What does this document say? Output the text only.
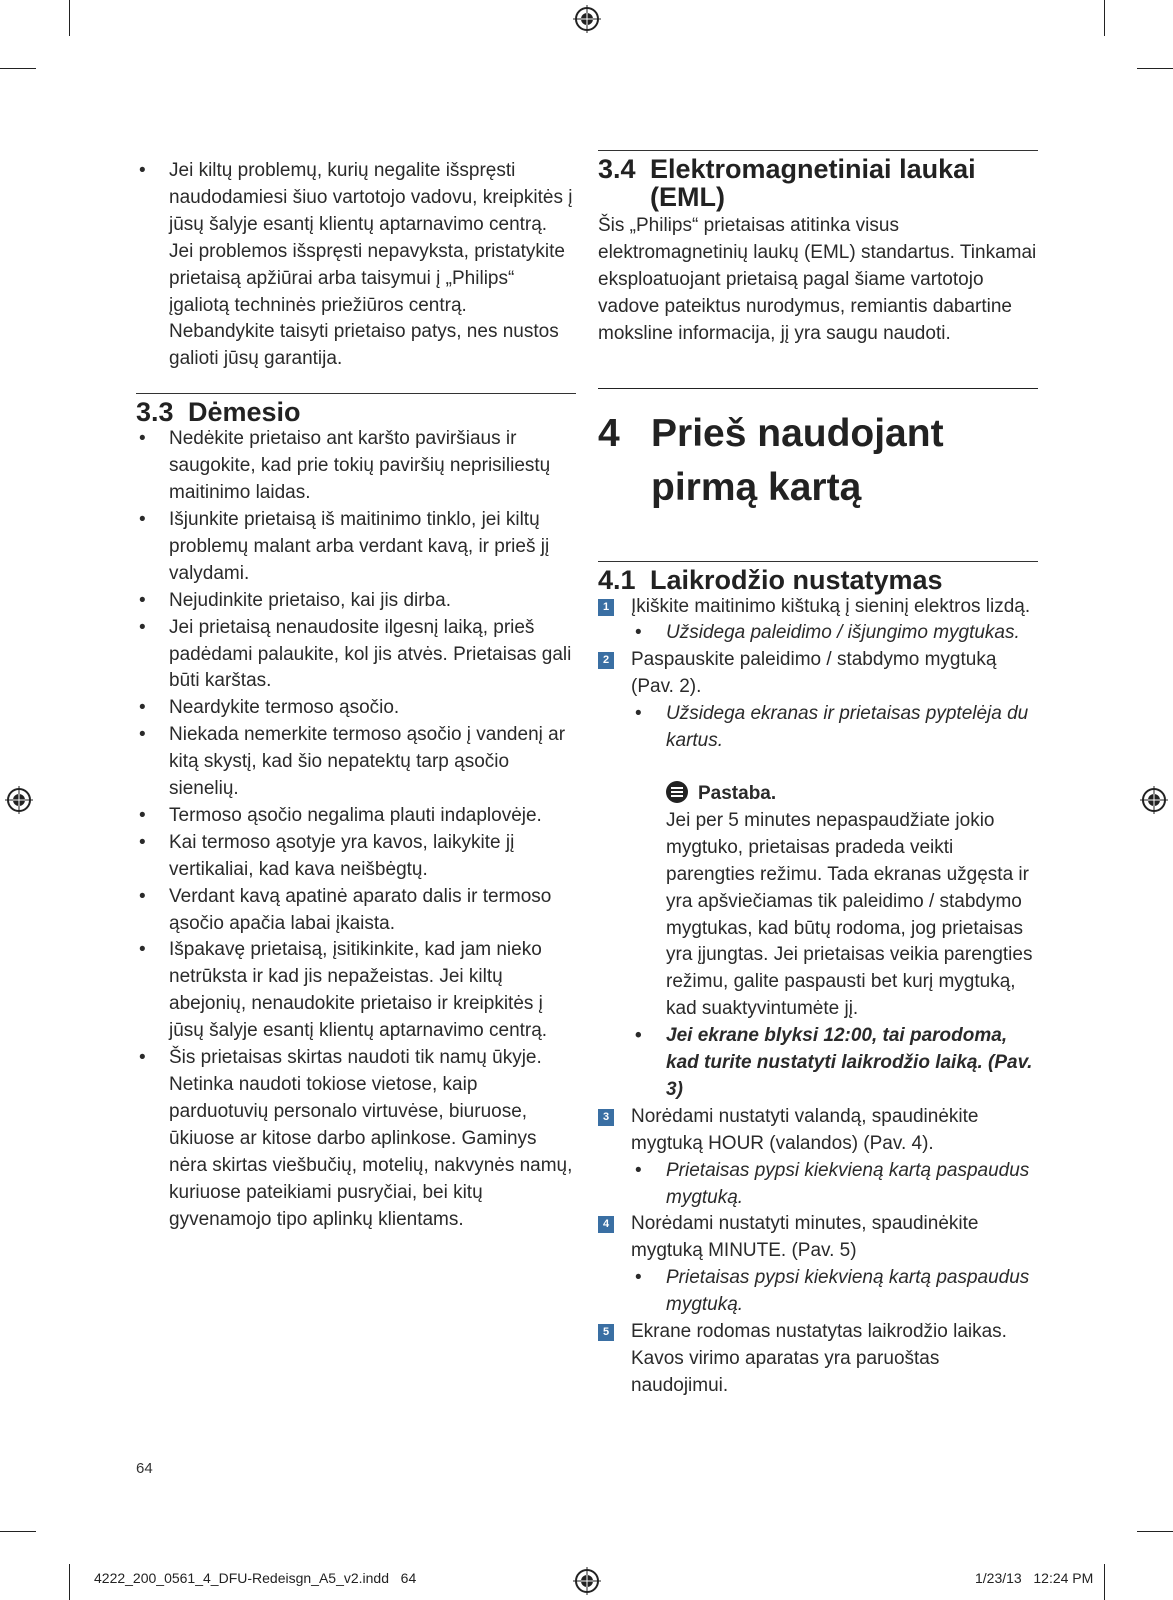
• Jei kiltų problemų, kurių negalite išspręsti naudodamiesi šiuo vartotojo vadovu, kreipkitės į jūsų šalyje esantį klientų aptarnavimo centrą. Jei problemos išspręsti nepavyksta, pristatykite prietaisą apžiūrai arba taisymui į „Philips“ įgaliotą techninės priežiūros centrą. Nebandykite taisyti prietaiso patys, nes nustos galioti jūsų garantija.
3.3 Dėmesio
• Nedėkite prietaiso ant karšto paviršiaus ir saugokite, kad prie tokių paviršių neprisiliestų maitinimo laidas.
• Išjunkite prietaisą iš maitinimo tinklo, jei kiltų problemų malant arba verdant kavą, ir prieš jį valydami.
• Nejudinkite prietaiso, kai jis dirba.
• Jei prietaisą nenaudosite ilgesnį laiką, prieš padėdami palaukite, kol jis atvės. Prietaisas gali būti karštas.
• Neardykite termoso ąsočio.
• Niekada nemerkite termoso ąsočio į vandenį ar kitą skystį, kad šio nepatektų tarp ąsočio sienelių.
• Termoso ąsočio negalima plauti indaplovėje.
• Kai termoso ąsotyje yra kavos, laikykite jį vertikaliai, kad kava neišbėgtų.
• Verdant kavą apatinė aparato dalis ir termoso ąsočio apačia labai įkaista.
• Išpakavę prietaisą, įsitikinkite, kad jam nieko netrūksta ir kad jis nepažeistas. Jei kiltų abejonių, nenaudokite prietaiso ir kreipkitės į jūsų šalyje esantį klientų aptarnavimo centrą.
• Šis prietaisas skirtas naudoti tik namų ūkyje. Netinka naudoti tokiose vietose, kaip parduotuvių personalo virtuvėse, biuruose, ūkiuose ar kitose darbo aplinkose. Gaminys nėra skirtas viešbučių, motelių, nakvynės namų, kuriuose pateikiami pusryčiai, bei kitų gyvenamojo tipo aplinkų klientams.
3.4 Elektromagnetiniai laukai
(EML)
Šis „Philips“ prietaisas atitinka visus elektromagnetinių laukų (EML) standartus. Tinkamai eksploatuojant prietaisą pagal šiame vartotojo vadove pateiktus nurodymus, remiantis dabartine moksline informacija, jį yra saugu naudoti.
4 Prieš naudojant
pirmą kartą
4.1 Laikrodžio nustatymas
1 Įkiškite maitinimo kištuką į sieninį elektros lizdą.
• Užsidega paleidimo / išjungimo mygtukas.
2 Paspauskite paleidimo / stabdymo mygtuką (Pav. 2).
• Užsidega ekranas ir prietaisas pyptelėja du kartus.
Pastaba.
Jei per 5 minutes nepaspaudžiate jokio mygtuko, prietaisas pradeda veikti parengties režimu. Tada ekranas užgęsta ir yra apšviečiamas tik paleidimo / stabdymo mygtukas, kad būtų rodoma, jog prietaisas yra įjungtas. Jei prietaisas veikia parengties režimu, galite paspausti bet kurį mygtuką, kad suaktyvintumėte jį.
• Jei ekrane blyksi 12:00, tai parodoma, kad turite nustatyti laikrodžio laiką. (Pav. 3)
3 Norėdami nustatyti valandą, spaudinėkite mygtuką HOUR (valandos) (Pav. 4).
• Prietaisas pypsi kiekvieną kartą paspaudus mygtuką.
4 Norėdami nustatyti minutes, spaudinėkite mygtuką MINUTE. (Pav. 5)
• Prietaisas pypsi kiekvieną kartą paspaudus mygtuką.
5 Ekrane rodomas nustatytas laikrodžio laikas. Kavos virimo aparatas yra paruoštas naudojimui.
64
4222_200_0561_4_DFU-Redeisgn_A5_v2.indd   64	1/23/13   12:24 PM
